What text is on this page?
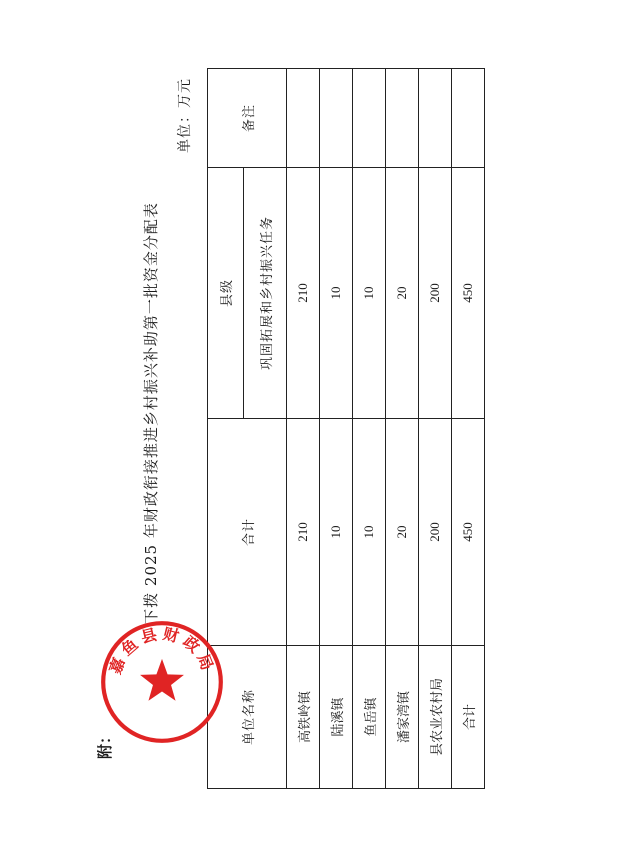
附：
下拨 2025 年财政衔接推进乡村振兴补助第一批资金分配表
单位：万元
单位名称	合计	县级	备注
		巩固拓展和乡村振兴任务	
高铁岭镇	210	210	
陆溪镇	10	10	
鱼岳镇	10	10	
潘家湾镇	20	20	
县农业农村局	200	200	
合计	450	450	
嘉鱼县财政局
